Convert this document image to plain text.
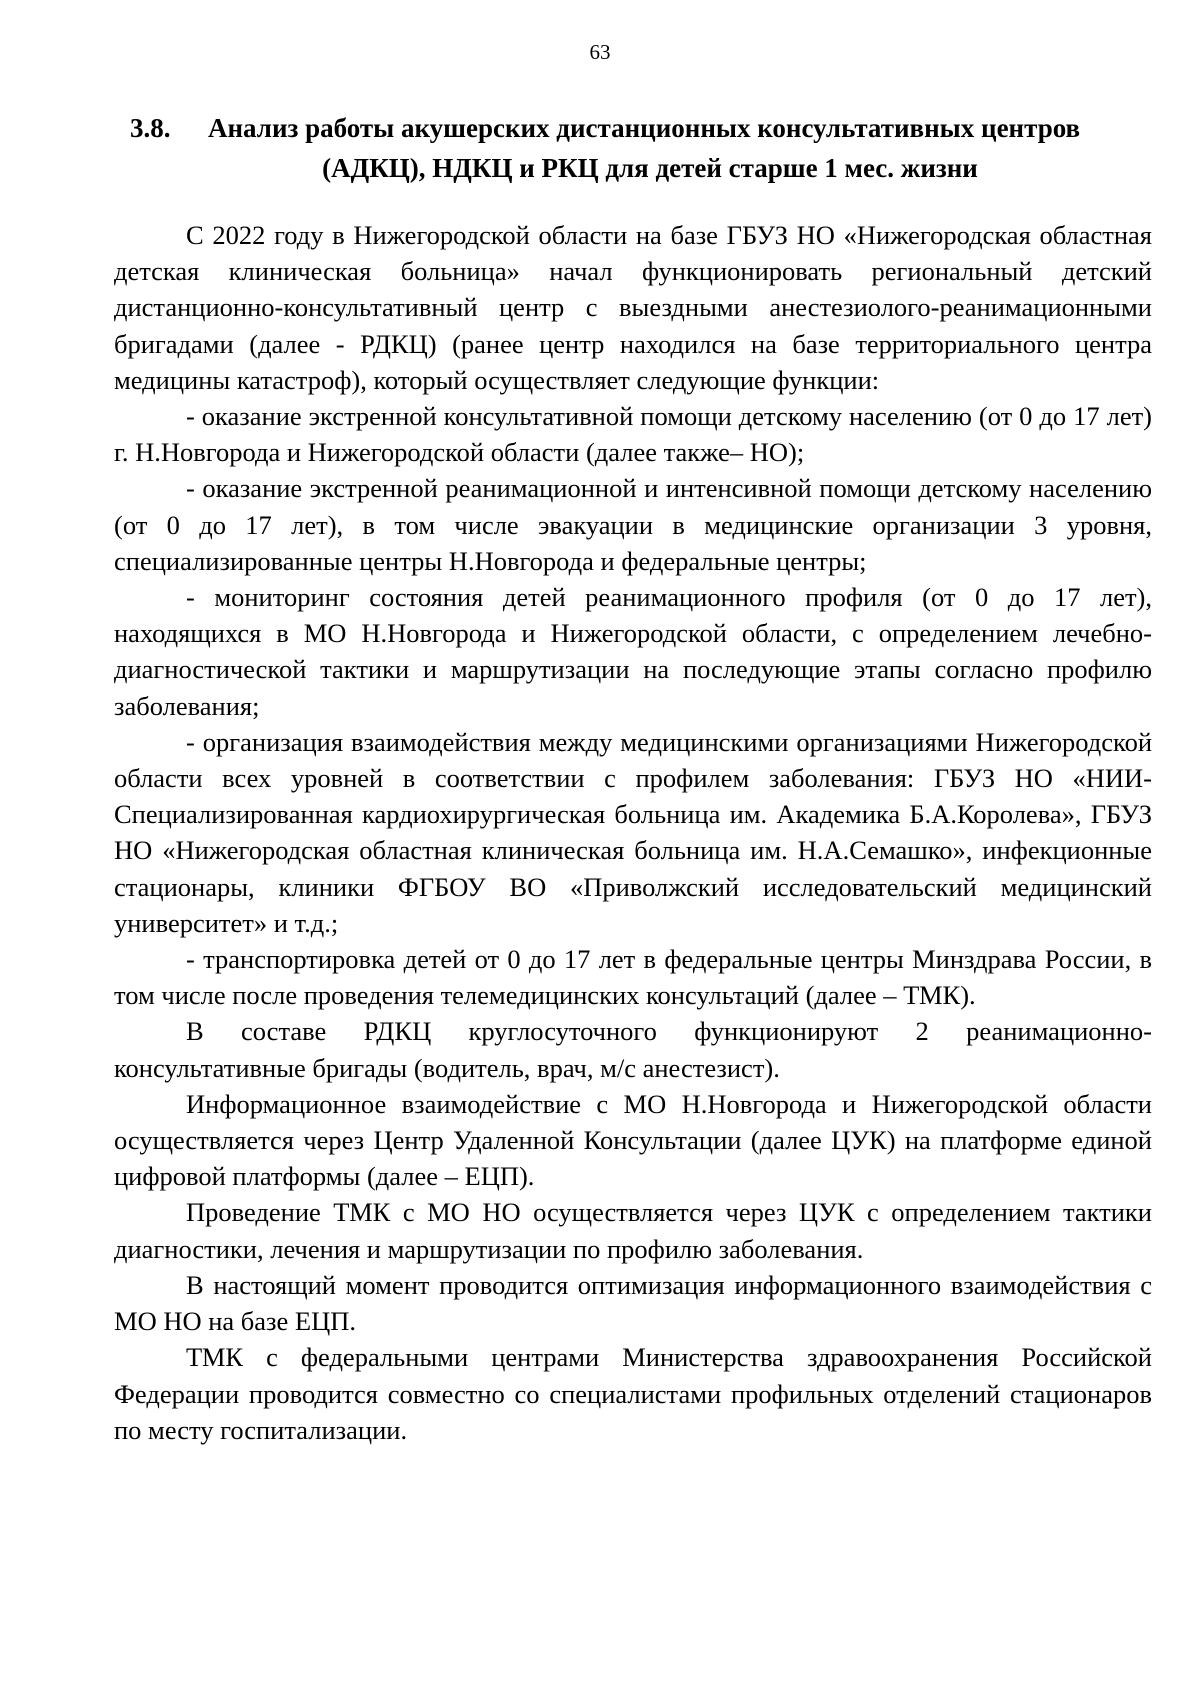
63
3.8.	Анализ работы акушерских дистанционных консультативных центров
(АДКЦ), НДКЦ и РКЦ для детей старше 1 мес. жизни

С 2022 году в Нижегородской области на базе ГБУЗ НО «Нижегородская областная детская клиническая больница» начал функционировать региональный детский дистанционно-консультативный центр с выездными анестезиолого-реанимационными бригадами (далее - РДКЦ) (ранее центр находился на базе территориального центра медицины катастроф), который осуществляет следующие функции:

- оказание экстренной консультативной помощи детскому населению (от 0 до 17 лет) г. Н.Новгорода и Нижегородской области (далее также– НО);

- оказание экстренной реанимационной и интенсивной помощи детскому населению (от 0 до 17 лет), в том числе эвакуации в медицинские организации 3 уровня, специализированные центры Н.Новгорода и федеральные центры;

- мониторинг состояния детей реанимационного профиля (от 0 до 17 лет), находящихся в МО Н.Новгорода и Нижегородской области, с определением лечебно-диагностической тактики и маршрутизации на последующие этапы согласно профилю заболевания;

- организация взаимодействия между медицинскими организациями Нижегородской области всех уровней в соответствии с профилем заболевания: ГБУЗ НО «НИИ- Специализированная кардиохирургическая больница им. Академика Б.А.Королева», ГБУЗ НО «Нижегородская областная клиническая больница им. Н.А.Семашко», инфекционные стационары, клиники ФГБОУ ВО «Приволжский исследовательский медицинский университет» и т.д.;

- транспортировка детей от 0 до 17 лет в федеральные центры Минздрава России, в том числе после проведения телемедицинских консультаций (далее – ТМК).

В составе РДКЦ круглосуточного функционируют 2 реанимационно-консультативные бригады (водитель, врач, м/с анестезист).

Информационное взаимодействие с МО Н.Новгорода и Нижегородской области осуществляется через Центр Удаленной Консультации (далее ЦУК) на платформе единой цифровой платформы (далее – ЕЦП).

Проведение ТМК с МО НО осуществляется через ЦУК с определением тактики диагностики, лечения и маршрутизации по профилю заболевания.

В настоящий момент проводится оптимизация информационного взаимодействия с МО НО на базе ЕЦП.

ТМК с федеральными центрами Министерства здравоохранения Российской Федерации проводится совместно со специалистами профильных отделений стационаров по месту госпитализации.
